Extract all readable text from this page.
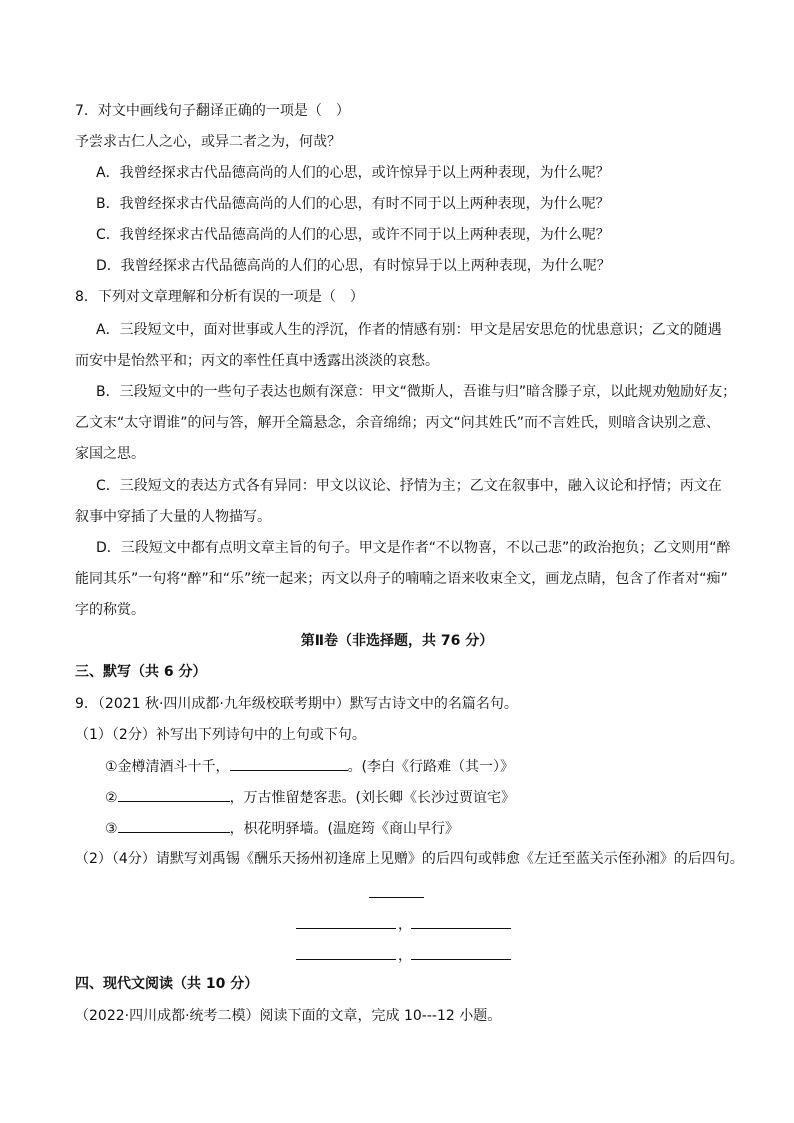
7．对文中画线句子翻译正确的一项是（　）
予尝求古仁人之心，或异二者之为，何哉？
A．我曾经探求古代品德高尚的人们的心思，或许惊异于以上两种表现，为什么呢？
B．我曾经探求古代品德高尚的人们的心思，有时不同于以上两种表现，为什么呢？
C．我曾经探求古代品德高尚的人们的心思，或许不同于以上两种表现，为什么呢？
D．我曾经探求古代品德高尚的人们的心思，有时惊异于以上两种表现，为什么呢？
8．下列对文章理解和分析有误的一项是（　）
A．三段短文中，面对世事或人生的浮沉，作者的情感有别：甲文是居安思危的忧患意识；乙文的随遇
而安中是怡然平和；丙文的率性任真中透露出淡淡的哀愁。
B．三段短文中的一些句子表达也颇有深意：甲文“微斯人，吾谁与归”暗含滕子京，以此规劝勉励好友；
乙文末“太守谓谁”的问与答，解开全篇悬念，余音绵绵；丙文“问其姓氏”而不言姓氏，则暗含诀别之意、
家国之思。
C．三段短文的表达方式各有异同：甲文以议论、抒情为主；乙文在叙事中，融入议论和抒情；丙文在
叙事中穿插了大量的人物描写。
D．三段短文中都有点明文章主旨的句子。甲文是作者“不以物喜，不以己悲”的政治抱负；乙文则用“醉
能同其乐”一句将“醉”和“乐”统一起来；丙文以舟子的喃喃之语来收束全文，画龙点睛，包含了作者对“痴”
字的称赏。
第Ⅱ卷（非选择题，共 76 分）
三、默写（共 6 分）
9．（2021 秋·四川成都·九年级校联考期中）默写古诗文中的名篇名句。
（1）（2分）补写出下列诗句中的上句或下句。
①金樽清酒斗十千，	。(李白《行路难（其一）》
②	，万古惟留楚客悲。(刘长卿《长沙过贾谊宅》
③	，枳花明驿墙。(温庭筠《商山早行》
（2）（4分）请默写刘禹锡《酬乐天扬州初逢席上见赠》的后四句或韩愈《左迁至蓝关示侄孙湘》的后四句。
，
，
四、现代文阅读（共 10 分）
（2022·四川成都·统考二模）阅读下面的文章，完成 10---12 小题。
